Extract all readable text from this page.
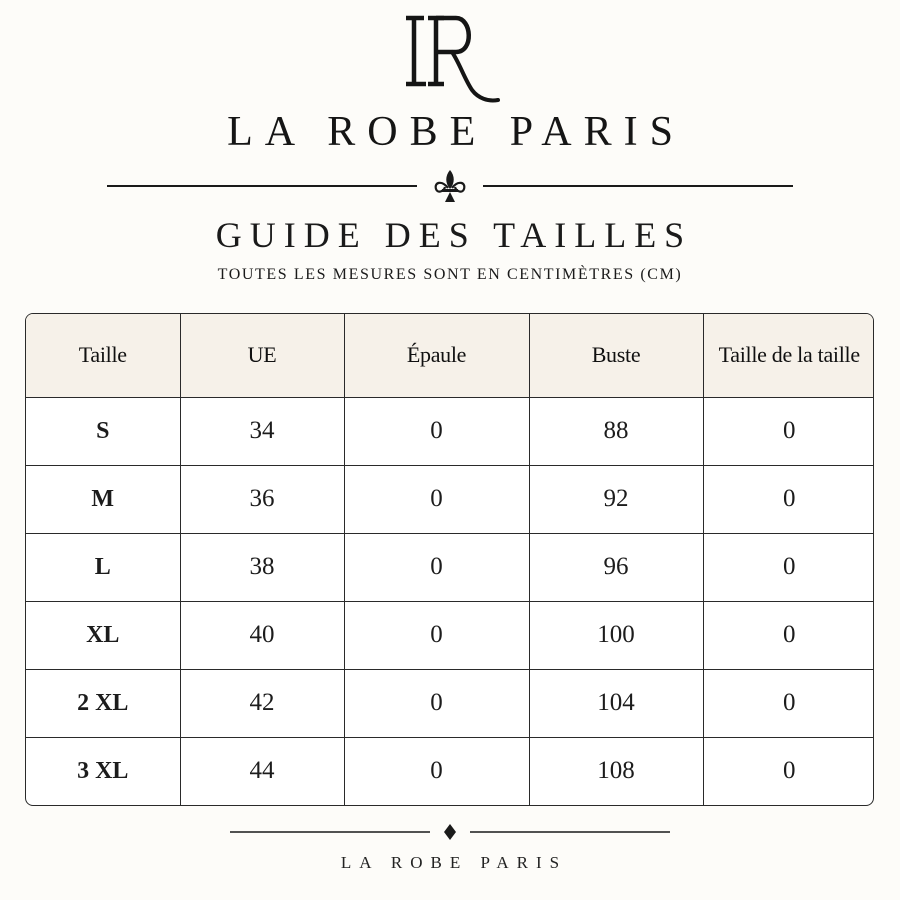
LA ROBE PARIS
GUIDE DES TAILLES
TOUTES LES MESURES SONT EN CENTIMÈTRES (CM)
Taille	UE	Épaule	Buste	Taille de la taille
S	34	0	88	0
M	36	0	92	0
L	38	0	96	0
XL	40	0	100	0
2 XL	42	0	104	0
3 XL	44	0	108	0
LA ROBE PARIS
